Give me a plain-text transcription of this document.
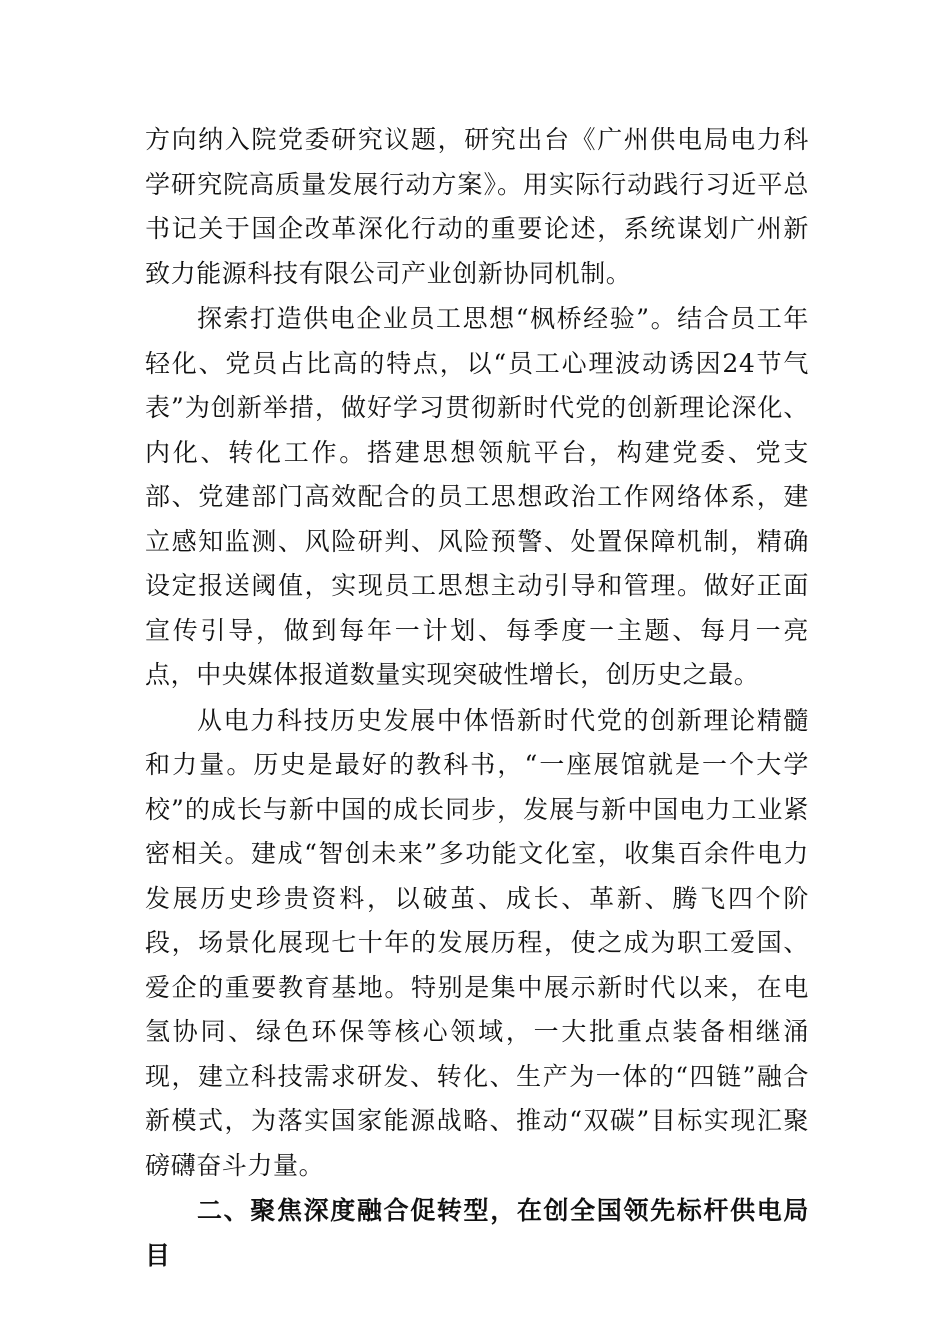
方向纳入院党委研究议题，研究出台《广州供电局电力科学研究院高质量发展行动方案》。用实际行动践行习近平总书记关于国企改革深化行动的重要论述，系统谋划广州新致力能源科技有限公司产业创新协同机制。

探索打造供电企业员工思想“枫桥经验”。结合员工年轻化、党员占比高的特点，以“员工心理波动诱因24节气表”为创新举措，做好学习贯彻新时代党的创新理论深化、内化、转化工作。搭建思想领航平台，构建党委、党支部、党建部门高效配合的员工思想政治工作网络体系，建立感知监测、风险研判、风险预警、处置保障机制，精确设定报送阈值，实现员工思想主动引导和管理。做好正面宣传引导，做到每年一计划、每季度一主题、每月一亮点，中央媒体报道数量实现突破性增长，创历史之最。

从电力科技历史发展中体悟新时代党的创新理论精髓和力量。历史是最好的教科书，“一座展馆就是一个大学校”的成长与新中国的成长同步，发展与新中国电力工业紧密相关。建成“智创未来”多功能文化室，收集百余件电力发展历史珍贵资料，以破茧、成长、革新、腾飞四个阶段，场景化展现七十年的发展历程，使之成为职工爱国、爱企的重要教育基地。特别是集中展示新时代以来，在电氢协同、绿色环保等核心领域，一大批重点装备相继涌现，建立科技需求研发、转化、生产为一体的“四链”融合新模式，为落实国家能源战略、推动“双碳”目标实现汇聚磅礴奋斗力量。

二、聚焦深度融合促转型，在创全国领先标杆供电局目
